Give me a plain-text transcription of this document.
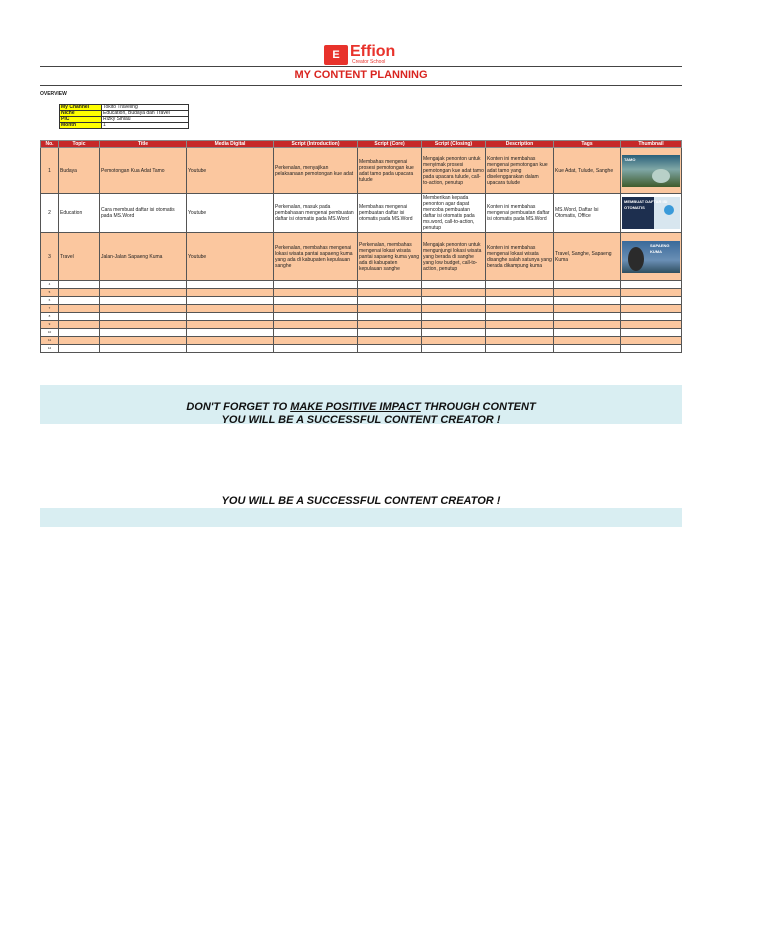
E Effion
Creator School
MY CONTENT PLANNING
OVERVIEW
My Channel	Tokito Traveling
Niche	Education, Budaya dan Travel
PIC	Rizky Sinlau
Month	1
No.	Topic	Title	Media Digital	Script (Introduction)	Script (Core)	Script (Closing)	Description	Tags	Thumbnail
1	Budaya	Pemotongan Kua Adat Tamo	Youtube	Perkenalan, menyajikan pelaksanaan pemotongan kue adat	Membahas mengenai prosesi pemotongan kue adat tamo pada upacara tulude	Mengajak penonton untuk menyimak prosesi pemotongan kue adat tamo pada upacara tulude, call-to-action, penutup	Konten ini membahas mengenai pemotongan kue adat tamo yang diselenggarakan dalam upacara tulude	Kue Adat, Tulude, Sanghe	TAMO

2	Education	Cara membuat daftar isi otomatis pada MS.Word	Youtube	Perkenalan, masuk pada pembahasan mengenai pembuatan daftar isi otomatis pada MS.Word	Membahas mengenai pembuatan daftar isi otomatis pada MS.Word	Memberikan kepada penonton agar dapat mencoba pembuatan daftar isi otomatis pada ms.word, call-to-action, penutup	Konten ini membahas mengenai pembuatan daftar isi otomatis pada MS.Word	MS.Word, Daftar Isi Otomatis, Office	MEMBUAT DAFTAR ISI OTOMATIS

3	Travel	Jalan-Jalan Sapaeng Kuma	Youtube	Perkenalan, membahas mengenai lokasi wisata pantai sapaeng kuma yang ada di kabupaten kepulauan sanghe	Perkenalan, membahas mengenai lokasi wisata pantai sapaeng kuma yang ada di kabupaten kepulauan sanghe	Mengajak penonton untuk mengunjungi lokasi wisata yang berada di sanghe yang low budget, call-to-action, penutup	Konten ini membahas mengenai lokasi wisata disanghe salah satunya yang berada dikampung kuma	Travel, Sanghe, Sapaeng Kuma	SAPAENG KUMA

4									
5									
6									
7									
8									
9									
10									
11									
12									
DON'T FORGET TO MAKE POSITIVE IMPACT THROUGH CONTENT
YOU WILL BE A SUCCESSFUL CONTENT CREATOR !
YOU WILL BE A SUCCESSFUL CONTENT CREATOR !
